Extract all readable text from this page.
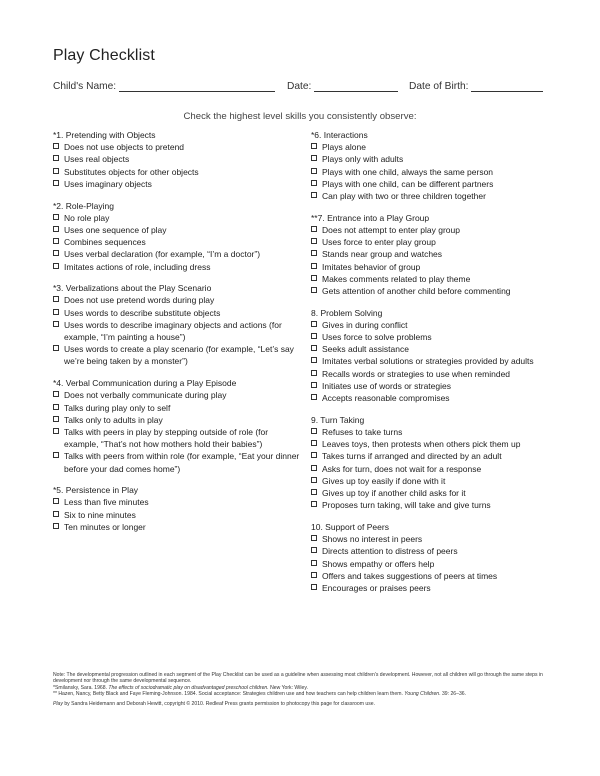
Play Checklist
Child's Name:	Date:	Date of Birth:
Check the highest level skills you consistently observe:

*1. Pretending with Objects

Does not use objects to pretend
Uses real objects
Substitutes objects for other objects
Uses imaginary objects

*2. Role-Playing

No role play
Uses one sequence of play
Combines sequences
Uses verbal declaration (for example, “I’m a doctor”)
Imitates actions of role, including dress

*3. Verbalizations about the Play Scenario

Does not use pretend words during play
Uses words to describe substitute objects
Uses words to describe imaginary objects and actions (for example, “I’m painting a house”)
Uses words to create a play scenario (for example, “Let’s say we’re being taken by a monster”)

*4. Verbal Communication during a Play Episode

Does not verbally communicate during play
Talks during play only to self
Talks only to adults in play
Talks with peers in play by stepping outside of role (for example, “That’s not how mothers hold their babies”)
Talks with peers from within role (for example, “Eat your dinner before your dad comes home”)

*5. Persistence in Play

Less than five minutes
Six to nine minutes
Ten minutes or longer

*6. Interactions

Plays alone
Plays only with adults
Plays with one child, always the same person
Plays with one child, can be different partners
Can play with two or three children together

**7. Entrance into a Play Group

Does not attempt to enter play group
Uses force to enter play group
Stands near group and watches
Imitates behavior of group
Makes comments related to play theme
Gets attention of another child before commenting

8. Problem Solving

Gives in during conflict
Uses force to solve problems
Seeks adult assistance
Imitates verbal solutions or strategies provided by adults
Recalls words or strategies to use when reminded
Initiates use of words or strategies
Accepts reasonable compromises

9. Turn Taking

Refuses to take turns
Leaves toys, then protests when others pick them up
Takes turns if arranged and directed by an adult
Asks for turn, does not wait for a response
Gives up toy easily if done with it
Gives up toy if another child asks for it
Proposes turn taking, will take and give turns

10. Support of Peers

Shows no interest in peers
Directs attention to distress of peers
Shows empathy or offers help
Offers and takes suggestions of peers at times
Encourages or praises peers

Note: The developmental progression outlined in each segment of the Play Checklist can be used as a guideline when assessing most children's development. However, not all children will go through the same steps in development nor through the same developmental sequence.

*Smilansky, Sara. 1968. The effects of sociodramatic play on disadvantaged preschool children. New York: Wiley.

** Hazen, Nancy, Betty Black and Faye Fleming-Johnson. 1984. Social acceptance: Strategies children use and how teachers can help children learn them. Young Children. 39: 26–36.

Play by Sandra Heidemann and Deborah Hewitt, copyright © 2010. Redleaf Press grants permission to photocopy this page for classroom use.
